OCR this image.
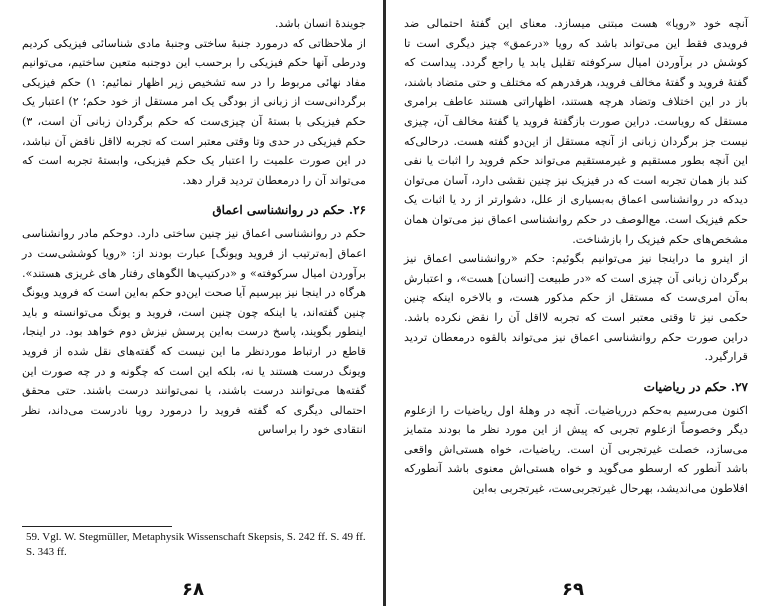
جویندهٔ انسان باشد.

از ملاحظاتی که درمورد جنبهٔ ساختی وجنبهٔ مادی شناسائی فیزیکی کردیم ودرطی آنها حکم فیزیکی را برحسب این دوجنبه متعین ساختیم، می‌توانیم مفاد نهائی مربوط را در سه تشخیص زیر اظهار نمائیم: ۱) حکم فیزیکی برگردانی‌ست از زبانی از بودگی یک امر مستقل از خود حکم؛ ۲) اعتبار یک حکم فیزیکی با بستهٔ آن چیزی‌ست که حکم برگردان زبانی آن است، ۳) حکم فیزیکی در حدی وتا وقتی معتبر است که تجربه لااقل ناقض آن نباشد، در این صورت علمیت را اعتبار یک حکم فیزیکی، وابستهٔ تجربه است که می‌تواند آن را درمعطان تردید قرار دهد.

۲۶. حکم در روانشناسی اعماق

حکم در روانشناسی اعماق نیز چنین ساختی دارد. دوحکم مادر روانشناسی اعماق [به‌ترتیب از فروید ویونگ] عبارت بودند از: «رویا کوششی‌ست در برآوردن امیال سرکوفته» و «درکتیپ‌ها الگوهای رفتار های غریزی هستند». هرگاه در اینجا نیز بپرسیم آیا صحت این‌دو حکم به‌این است که فروید ویونگ چنین گفته‌اند، یا اینکه چون چنین است، فروید و یونگ می‌توانسته و باید اینطور بگویند، پاسخ درست به‌این پرسش نیزش دوم خواهد بود. در اینجا، قاطع در ارتباط موردنظر ما این نیست که گفته‌های نقل شده از فروید ویونگ درست هستند یا نه، بلکه این است که چگونه و در چه صورت این گفته‌ها می‌توانند درست باشند، یا نمی‌توانند درست باشند. حتی محقق احتمالی دیگری که گفته فروید را درمورد رویا نادرست می‌داند، نظر انتقادی خود را براساس

59. Vgl. W. Stegmüller, Metaphysik Wissenschaft Skepsis, S. 242 ff. S. 49 ff. S. 343 ff.
۶۸

آنچه خود «رویا» هست مبتنی میسازد. معنای این گفتهٔ احتمالی ضد فرویدی فقط این می‌تواند باشد که رویا «درعمق» چیز دیگری است تا کوشش در برآوردن امیال سرکوفته تقلیل یابد یا راجع گردد. پیداست که گفتهٔ فروید و گفتهٔ مخالف فروید، هرقدرهم که مختلف و حتی متضاد باشند، باز در این اختلاف وتضاد هرچه هستند، اظهاراتی هستند عاطف برامری مستقل که رویاست. دراین صورت بازگفتهٔ فروید یا گفتهٔ مخالف آن، چیزی نیست جز برگردان زبانی از آنچه مستقل از این‌دو گفته هست. درحالی‌که این آنچه بطور مستقیم و غیرمستقیم می‌تواند حکم فروید را اثبات یا نفی کند باز همان تجربه است که در فیزیک نیز چنین نقشی دارد، آسان می‌توان دیدکه در روانشناسی اعماق به‌بسیاری از علل، دشوارتر از رد یا اثبات یک حکم فیزیک است. مع‌الوصف در حکم روانشناسی اعماق نیز می‌توان همان مشخص‌های حکم فیزیک را بازشناخت.

از اینرو ما دراینجا نیز می‌توانیم بگوئیم: حکم «روانشناسی اعماق نیز برگردان زبانی آن چیزی است که «در طبیعت [انسان] هست»، و اعتبارش به‌آن امری‌ست که مستقل از حکم مذکور هست، و بالاخره اینکه چنین حکمی نیز تا وقتی معتبر است که تجربه لااقل آن را نقض نکرده باشد. دراین صورت حکم روانشناسی اعماق نیز می‌تواند بالقوه درمعطان تردید قرارگیرد.

۲۷. حکم در ریاضیات

اکنون می‌رسیم به‌حکم درریاضیات. آنچه در وهلهٔ اول ریاضیات را ازعلوم دیگر وخصوصاً ازعلوم‌ تجربی که پیش از این مورد نظر ما بودند متمایز می‌سازد، خصلت غیرتجربی آن است. ریاضیات، خواه هستی‌اش واقعی باشد آنطور که ارسطو می‌گوید و خواه هستی‌اش معنوی باشد آنطورکه افلاطون می‌اندیشد، بهرحال غیرتجربی‌ست، غیرتجربی به‌این

۶۹
